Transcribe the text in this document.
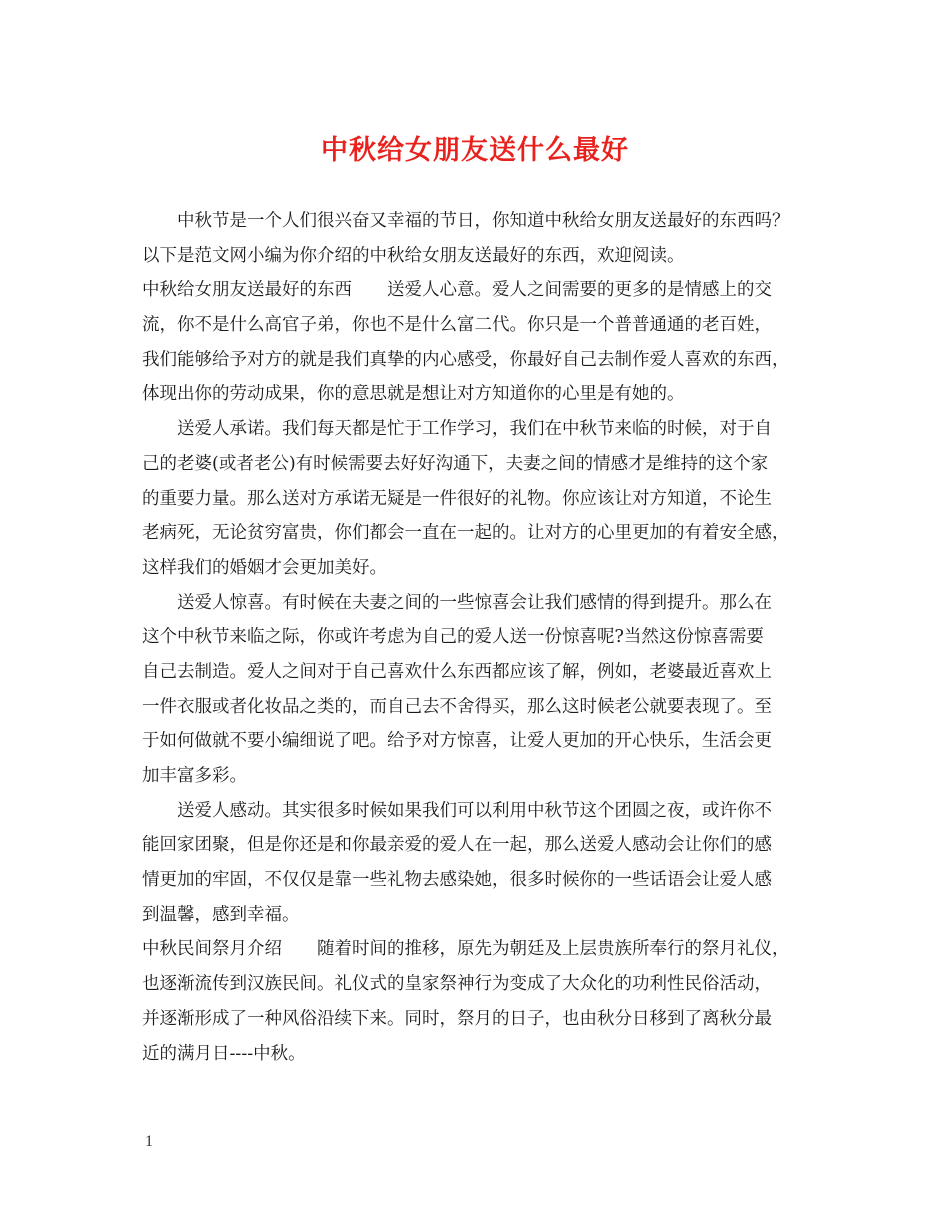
中秋给女朋友送什么最好
　　中秋节是一个人们很兴奋又幸福的节日，你知道中秋给女朋友送最好的东西吗？
以下是范文网小编为你介绍的中秋给女朋友送最好的东西，欢迎阅读。
中秋给女朋友送最好的东西　　送爱人心意。爱人之间需要的更多的是情感上的交
流，你不是什么高官子弟，你也不是什么富二代。你只是一个普普通通的老百姓，
我们能够给予对方的就是我们真挚的内心感受，你最好自己去制作爱人喜欢的东西，
体现出你的劳动成果，你的意思就是想让对方知道你的心里是有她的。
　　送爱人承诺。我们每天都是忙于工作学习，我们在中秋节来临的时候，对于自
己的老婆(或者老公)有时候需要去好好沟通下，夫妻之间的情感才是维持的这个家
的重要力量。那么送对方承诺无疑是一件很好的礼物。你应该让对方知道，不论生
老病死，无论贫穷富贵，你们都会一直在一起的。让对方的心里更加的有着安全感，
这样我们的婚姻才会更加美好。
　　送爱人惊喜。有时候在夫妻之间的一些惊喜会让我们感情的得到提升。那么在
这个中秋节来临之际，你或许考虑为自己的爱人送一份惊喜呢?当然这份惊喜需要
自己去制造。爱人之间对于自己喜欢什么东西都应该了解，例如，老婆最近喜欢上
一件衣服或者化妆品之类的，而自己去不舍得买，那么这时候老公就要表现了。至
于如何做就不要小编细说了吧。给予对方惊喜，让爱人更加的开心快乐，生活会更
加丰富多彩。
　　送爱人感动。其实很多时候如果我们可以利用中秋节这个团圆之夜，或许你不
能回家团聚，但是你还是和你最亲爱的爱人在一起，那么送爱人感动会让你们的感
情更加的牢固，不仅仅是靠一些礼物去感染她，很多时候你的一些话语会让爱人感
到温馨，感到幸福。
中秋民间祭月介绍　　随着时间的推移，原先为朝廷及上层贵族所奉行的祭月礼仪，
也逐渐流传到汉族民间。礼仪式的皇家祭神行为变成了大众化的功利性民俗活动，
并逐渐形成了一种风俗沿续下来。同时，祭月的日子，也由秋分日移到了离秋分最
近的满月日----中秋。
1
